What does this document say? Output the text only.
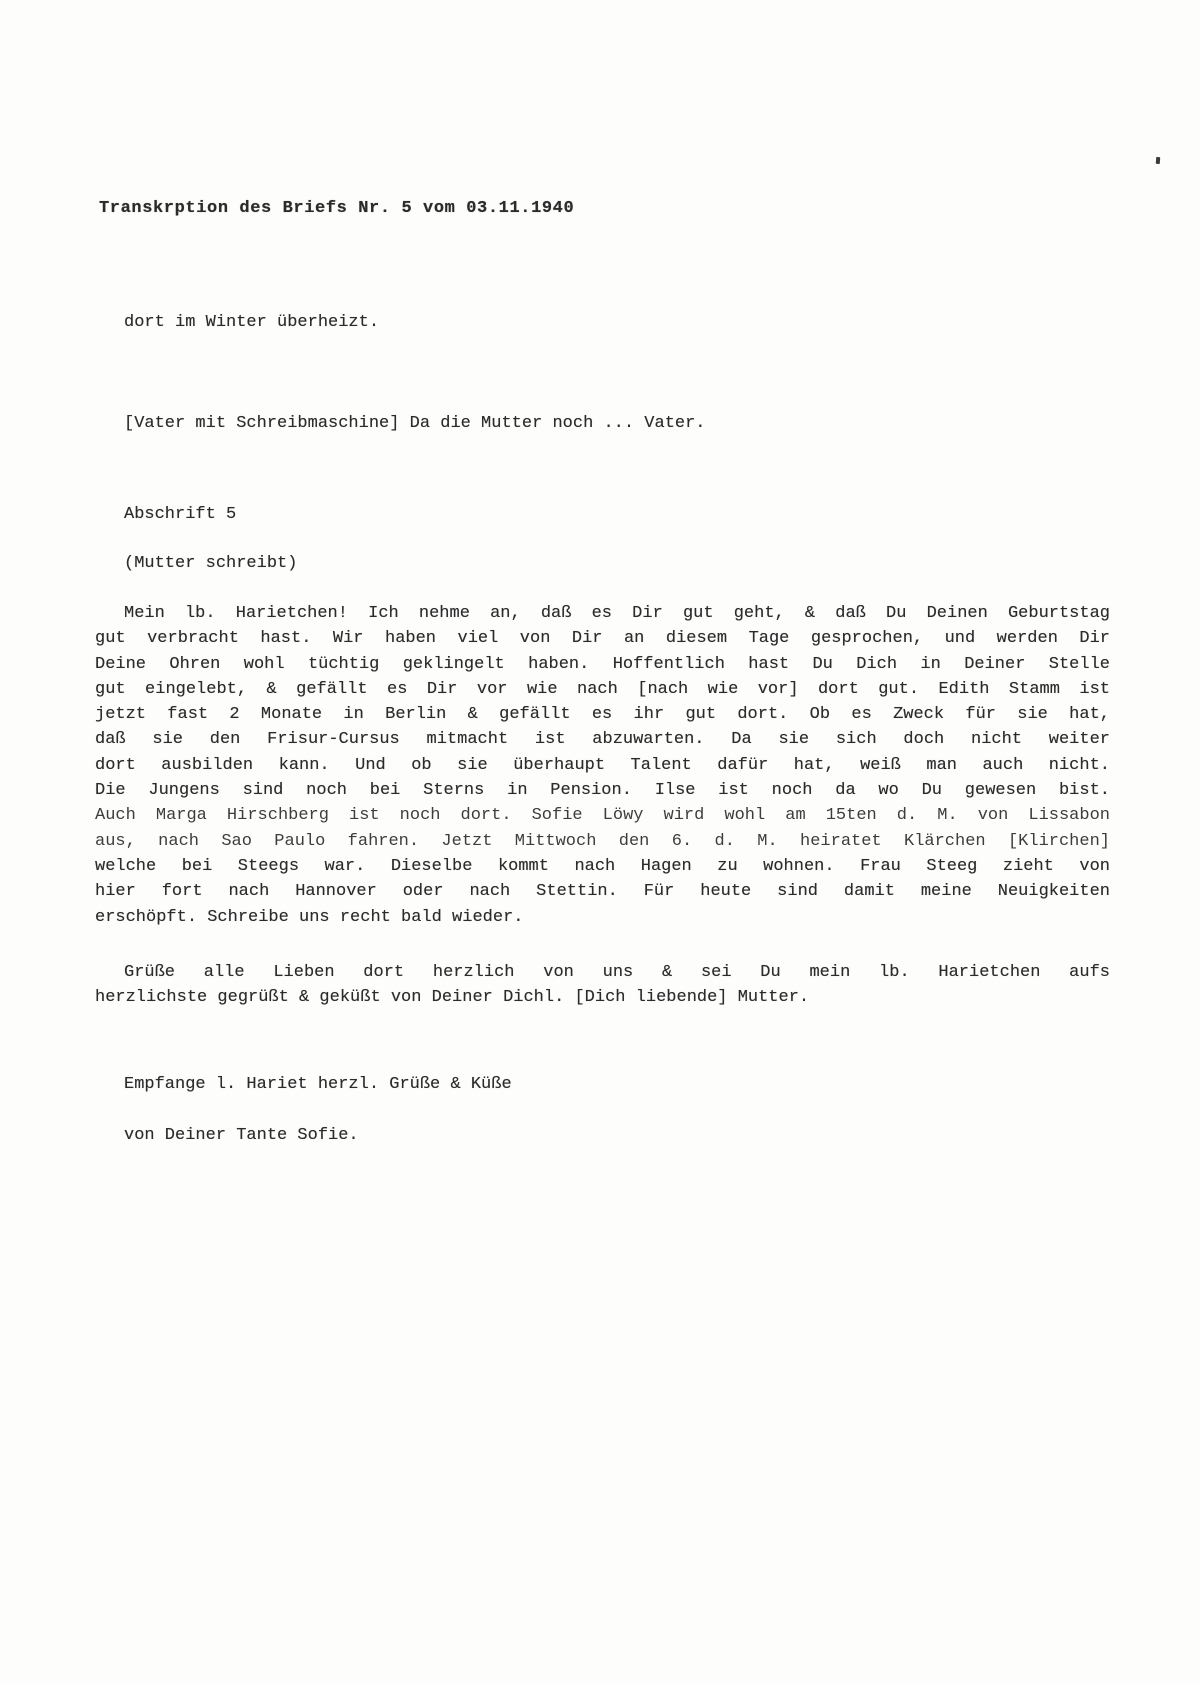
Transkrption des Briefs Nr. 5 vom 03.11.1940
dort im Winter überheizt.
[Vater mit Schreibmaschine] Da die Mutter noch ... Vater.
Abschrift 5
(Mutter schreibt)
Mein lb. Harietchen! Ich nehme an, daß es Dir gut geht, & daß Du Deinen Geburtstag
gut verbracht hast. Wir haben viel von Dir an diesem Tage gesprochen, und werden Dir
Deine Ohren wohl tüchtig geklingelt haben. Hoffentlich hast Du Dich in Deiner Stelle
gut eingelebt, & gefällt es Dir vor wie nach [nach wie vor] dort gut. Edith Stamm ist
jetzt fast 2 Monate in Berlin & gefällt es ihr gut dort. Ob es Zweck für sie hat,
daß sie den Frisur-Cursus mitmacht ist abzuwarten. Da sie sich doch nicht weiter
dort ausbilden kann. Und ob sie überhaupt Talent dafür hat, weiß man auch nicht.
Die Jungens sind noch bei Sterns in Pension. Ilse ist noch da wo Du gewesen bist.
Auch Marga Hirschberg ist noch dort. Sofie Löwy wird wohl am 15ten d. M. von Lissabon
aus, nach Sao Paulo fahren. Jetzt Mittwoch den 6. d. M. heiratet Klärchen [Klirchen]
welche bei Steegs war. Dieselbe kommt nach Hagen zu wohnen. Frau Steeg zieht von
hier fort nach Hannover oder nach Stettin. Für heute sind damit meine Neuigkeiten
erschöpft. Schreibe uns recht bald wieder.
Grüße alle Lieben dort herzlich von uns & sei Du mein lb. Harietchen aufs
herzlichste gegrüßt & geküßt von Deiner Dichl. [Dich liebende] Mutter.
Empfange l. Hariet herzl. Grüße & Küße
von Deiner Tante Sofie.
